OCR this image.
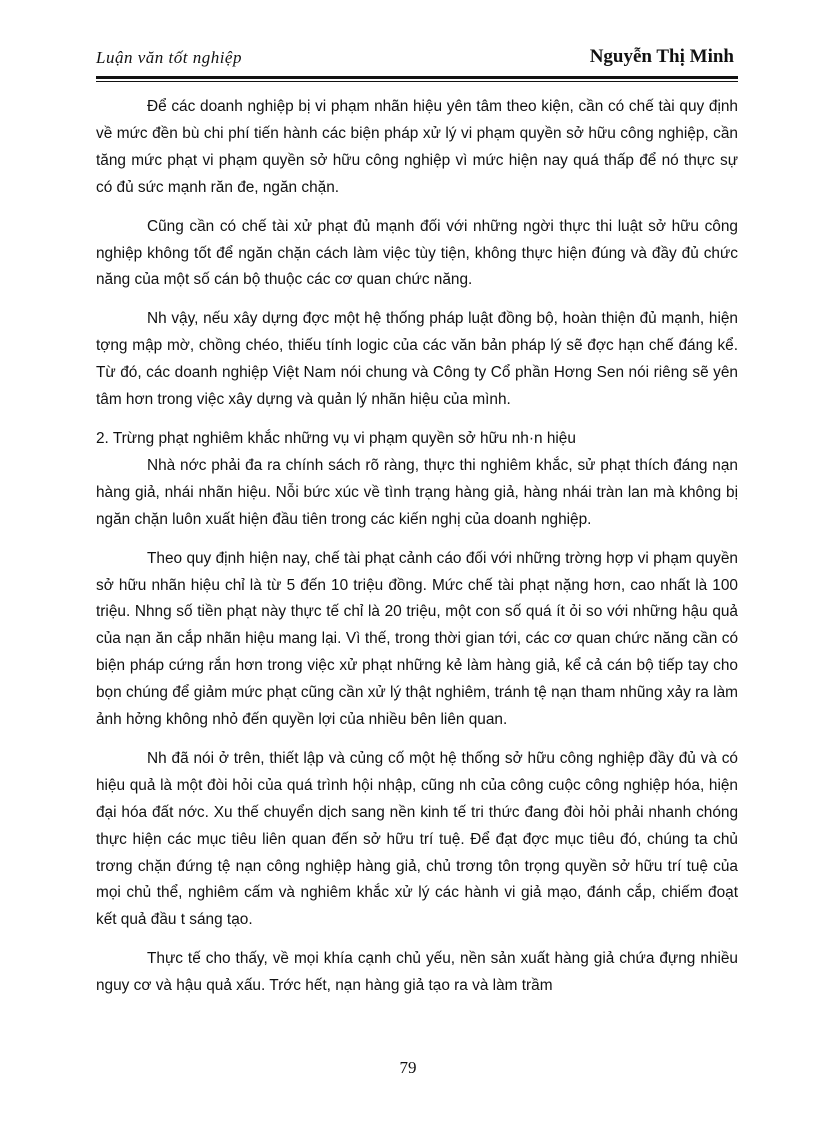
Luận văn tốt nghiệp	Nguyễn Thị Minh

Để các doanh nghiệp bị vi phạm nhãn hiệu yên tâm theo kiện, cần có chế tài quy định về mức đền bù chi phí tiến hành các biện pháp xử lý vi phạm quyền sở hữu công nghiệp, cần tăng mức phạt vi phạm quyền sở hữu công nghiệp vì mức hiện nay quá thấp để nó thực sự có đủ sức mạnh răn đe, ngăn chặn.

Cũng cần có chế tài xử phạt đủ mạnh đối với những ngời thực thi luật sở hữu công nghiệp không tốt để ngăn chặn cách làm việc tùy tiện, không thực hiện đúng và đầy đủ chức năng của một số cán bộ thuộc các cơ quan chức năng.

Nh vậy, nếu xây dựng đợc một hệ thống pháp luật đồng bộ, hoàn thiện đủ mạnh, hiện tợng mập mờ, chồng chéo, thiếu tính logic của các văn bản pháp lý sẽ đợc hạn chế đáng kể. Từ đó, các doanh nghiệp Việt Nam nói chung và Công ty Cổ phần Hơng Sen nói riêng sẽ yên tâm hơn trong việc xây dựng và quản lý nhãn hiệu của mình.

2. Trừng phạt nghiêm khắc những vụ vi phạm quyền sở hữu nh·n hiệu

Nhà nớc phải đa ra chính sách rõ ràng, thực thi nghiêm khắc, sử phạt thích đáng nạn hàng giả, nhái nhãn hiệu. Nỗi bức xúc về tình trạng hàng giả, hàng nhái tràn lan mà không bị ngăn chặn luôn xuất hiện đầu tiên trong các kiến nghị của doanh nghiệp.

Theo quy định hiện nay, chế tài phạt cảnh cáo đối với những trờng hợp vi phạm quyền sở hữu nhãn hiệu chỉ là từ 5 đến 10 triệu đồng. Mức chế tài phạt nặng hơn, cao nhất là 100 triệu. Nhng số tiền phạt này thực tế chỉ là 20 triệu, một con số quá ít ỏi so với những hậu quả của nạn ăn cắp nhãn hiệu mang lại. Vì thế, trong thời gian tới, các cơ quan chức năng cần có biện pháp cứng rắn hơn trong việc xử phạt những kẻ làm hàng giả, kể cả cán bộ tiếp tay cho bọn chúng để giảm mức phạt cũng cần xử lý thật nghiêm, tránh tệ nạn tham nhũng xảy ra làm ảnh hởng không nhỏ đến quyền lợi của nhiều bên liên quan.

Nh đã nói ở trên, thiết lập và củng cố một hệ thống sở hữu công nghiệp đầy đủ và có hiệu quả là một đòi hỏi của quá trình hội nhập, cũng nh của công cuộc công nghiệp hóa, hiện đại hóa đất nớc. Xu thế chuyển dịch sang nền kinh tế tri thức đang đòi hỏi phải nhanh chóng thực hiện các mục tiêu liên quan đến sở hữu trí tuệ. Để đạt đợc mục tiêu đó, chúng ta chủ trơng chặn đứng tệ nạn công nghiệp hàng giả, chủ trơng tôn trọng quyền sở hữu trí tuệ của mọi chủ thể, nghiêm cấm và nghiêm khắc xử lý các hành vi giả mạo, đánh cắp, chiếm đoạt kết quả đầu t sáng tạo.

Thực tế cho thấy, về mọi khía cạnh chủ yếu, nền sản xuất hàng giả chứa đựng nhiều nguy cơ và hậu quả xấu. Trớc hết, nạn hàng giả tạo ra và làm trầm

79
